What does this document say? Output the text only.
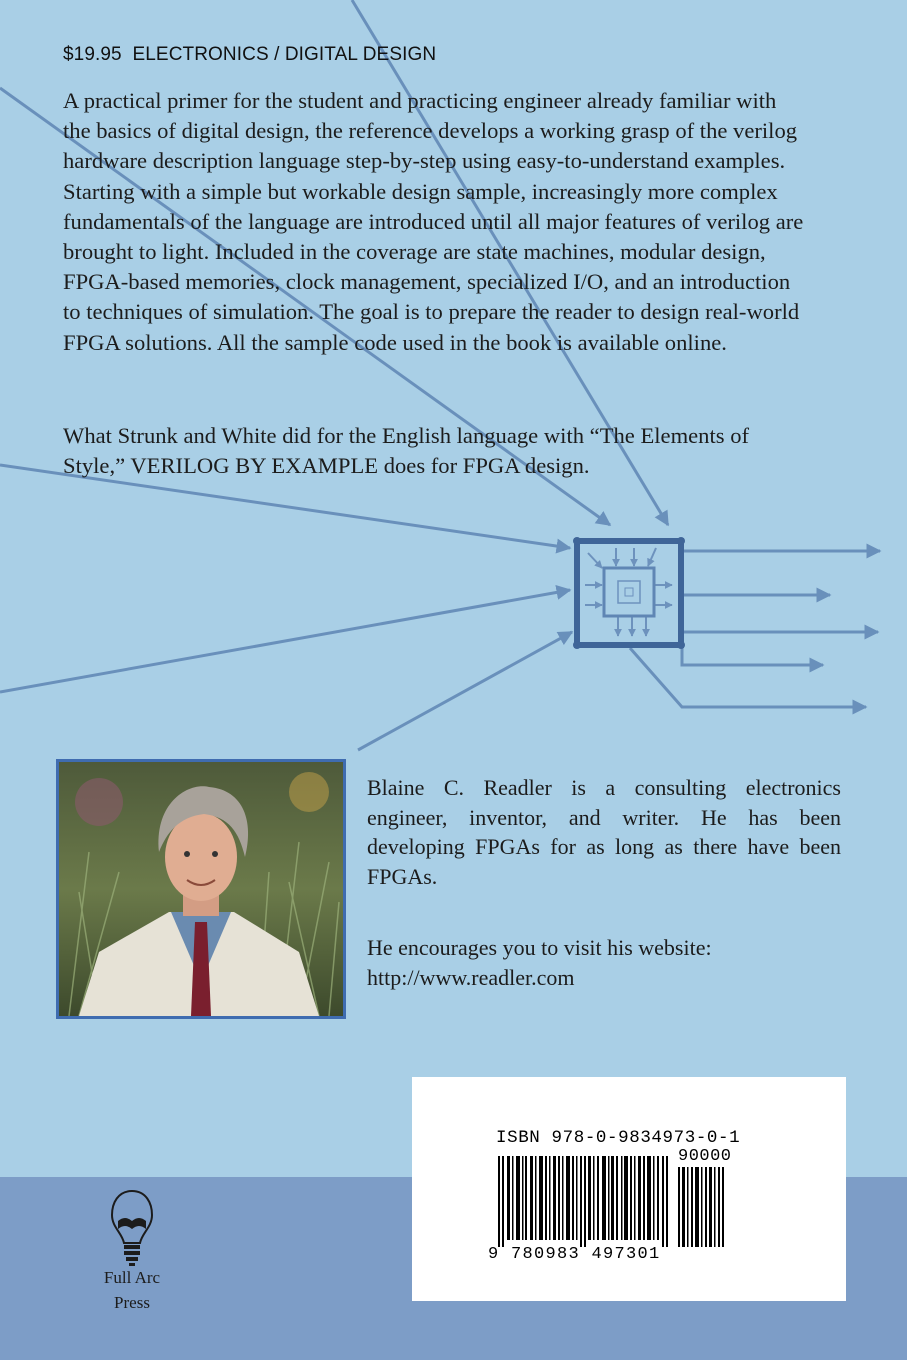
$19.95 ELECTRONICS / DIGITAL DESIGN

A practical primer for the student and practicing engineer already familiar with the basics of digital design, the reference develops a working grasp of the verilog hardware description language step-by-step using easy-to-understand examples. Starting with a simple but workable design sample, increasingly more complex fundamentals of the language are introduced until all major features of verilog are brought to light. Included in the coverage are state machines, modular design, FPGA-based memories, clock management, specialized I/O, and an introduction to techniques of simulation. The goal is to prepare the reader to design real-world FPGA solutions. All the sample code used in the book is available online.

What Strunk and White did for the English language with “The Elements of Style,” VERILOG BY EXAMPLE does for FPGA design.

Blaine C. Readler is a consulting electronics engineer, inventor, and writer. He has been developing FPGAs for as long as there have been FPGAs.

He encourages you to visit his website:
http://www.readler.com
ISBN 978-0-9834973-0-1
90000
9 780983 497301
Full Arc
Press
